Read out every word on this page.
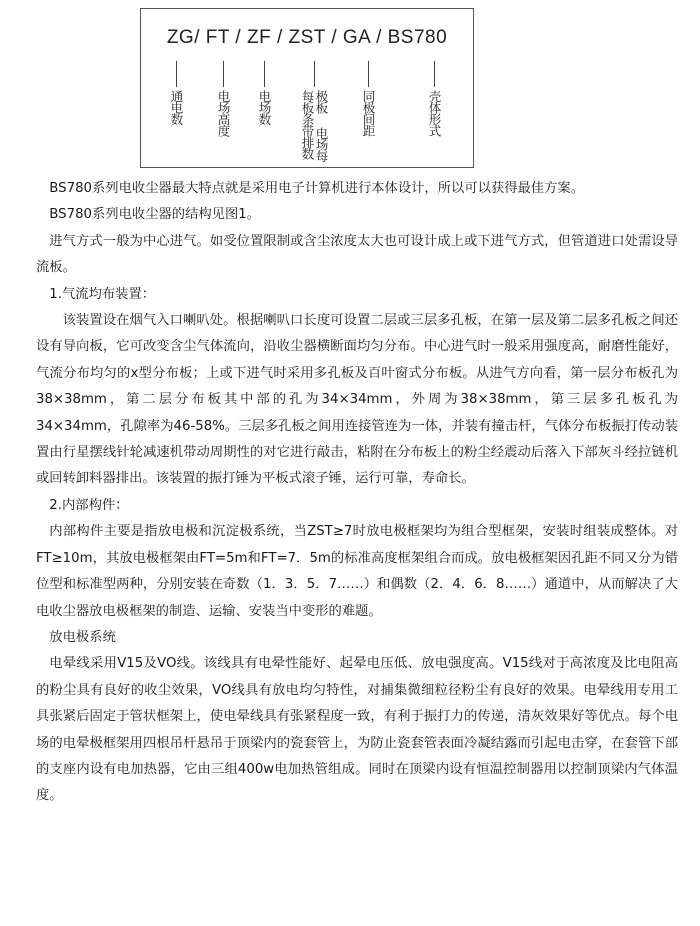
ZG/ FT / ZF / ZST / GA / BS780
通电数	电场高度 电场数	极板 电场每
每板条带排数	同极间距	壳体形式

BS780系列电收尘器最大特点就是采用电子计算机进行本体设计，所以可以获得最佳方案。

BS780系列电收尘器的结构见图1。

进气方式一般为中心进气。如受位置限制或含尘浓度太大也可设计成上或下进气方式，但管道进口处需设导流板。

1.气流均布装置：

该装置设在烟气入口喇叭处。根据喇叭口长度可设置二层或三层多孔板，在第一层及第二层多孔板之间还设有导向板，它可改变含尘气体流向，沿收尘器横断面均匀分布。中心进气时一般采用强度高，耐磨性能好，气流分布均匀的x型分布板；上或下进气时采用多孔板及百叶窗式分布板。从进气方向看，第一层分布板孔为38×38mm，第二层分布板其中部的孔为34×34mm，外周为38×38mm，第三层多孔板孔为34×34mm，孔隙率为46-58%。三层多孔板之间用连接管连为一体，并装有撞击杆，气体分布板振打传动装置由行星摆线针轮减速机带动周期性的对它进行敲击，粘附在分布板上的粉尘经震动后落入下部灰斗经拉链机或回转卸料器排出。该装置的振打锤为平板式滚子锤，运行可靠，寿命长。

2.内部构件：

内部构件主要是指放电极和沉淀极系统，当ZST≥7时放电极框架均为组合型框架，安装时组装成整体。对FT≥10m，其放电极框架由FT=5m和FT=7．5m的标准高度框架组合而成。放电极框架因孔距不同又分为错位型和标准型两种，分别安装在奇数（1．3．5．7……）和偶数（2．4．6．8……）通道中，从而解决了大电收尘器放电极框架的制造、运输、安装当中变形的难题。

放电极系统

电晕线采用V15及VO线。该线具有电晕性能好、起晕电压低、放电强度高。V15线对于高浓度及比电阻高的粉尘具有良好的收尘效果，VO线具有放电均匀特性，对捕集微细粒径粉尘有良好的效果。电晕线用专用工具张紧后固定于管状框架上，使电晕线具有张紧程度一致，有利于振打力的传递，清灰效果好等优点。每个电场的电晕极框架用四根吊杆悬吊于顶梁内的瓷套管上，为防止瓷套管表面冷凝结露而引起电击穿，在套管下部的支座内设有电加热器，它由三组400w电加热管组成。同时在顶梁内设有恒温控制器用以控制顶梁内气体温度。
